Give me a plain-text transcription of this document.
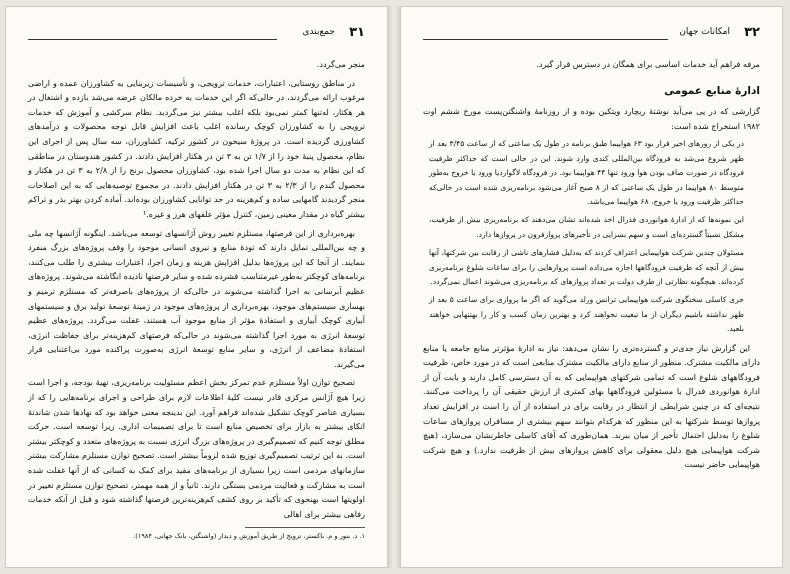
جمع‌بندی ۳۱

منجر می‌گردد.

در مناطق روستایی، اعتبارات، خدمات ترویجی، و تأسیسات زیربنایی به کشاورزان عمده و اراضی مرغوب ارائه می‌گردند، در حالی‌که اگر این خدمات به خرده مالکان عرضه می‌شد بازده و اشتغال در هر هکتار، لەتنها کمتر نمی‌بود بلکه اغلب بیشتر نیز می‌گردید. نظام سرکشی و آموزش که خدمات ترویجی را به کشاورزان کوچک رسانده اغلب باعث افزایش قابل توجه محصولات و درآمدهای کشاورزی گردیده است. در پروژهٔ سیحون در کشور ترکیه، کشاورزان، سه سال پس از اجرای این نظام، محصول پنبهٔ خود را از ۱/۷ تن به ۳ تن در هکتار افزایش دادند. در کشور هندوستان در مناطقی که این نظام به مدت دو سال اجرا شده بود، کشاورزان محصول برنج را از ۲/۸ به ۳ تن در هکتار و محصول گندم را از ۲/۳ به ۳ تن در هکتار افزایش دادند. در مجموع توصیه‌هایی که به این اصلاحات منجر گردیدند گامهایی ساده و کم‌هزینه در حد توانایی کشاورزان بوده‌اند. آماده کردن بهتر بذر و تراکم بیشتر گیاه در مقدار معینی زمین، کنترل مؤثر علفهای هرز و غیره.¹

بهره‌برداری از این فرصتها، مستلزم تغییر روش آژانسهای توسعه می‌باشد. اینگونه آژانسها چه ملی و چه بین‌المللی تمایل دارند که تودهٔ منابع و نیروی انسانی موجود را وقف پروژه‌های بزرگ منفرد بنمایند. از آنجا که این پروژه‌ها بدلیل افزایش هزینه و زمان اجرا، اعتبارات بیشتری را طلب می‌کنند، برنامه‌های کوچکتر به‌طور غیرمتناسب فشرده شده و سایر فرصتها نادیده انگاشته می‌شوند. پروژه‌های عظیم آبرسانی به اجرا گذاشته می‌شوند در حالی‌که از پروژه‌های باصرفه‌تر که مستلزم ترمیم و بهسازی سیستم‌های موجود، بهره‌برداری از پروژه‌های موجود در زمینهٔ توسعهٔ تولید برق و سیستمهای آبیاری کوچک آبیاری و استفادهٔ مؤثر از منابع موجود آب هستند، غفلت می‌گردد. پروژه‌های عظیم توسعهٔ انرژی به مورد اجرا گذاشته می‌شوند در حالی‌که فرصتهای کم‌هزینه‌تر برای حفاظت انرژی، استفادهٔ مضاعف از انرژی، و سایر منابع توسعهٔ انرژی به‌صورت پراکنده مورد بی‌اعتنایی قرار می‌گیرند.

تصحیح توازن اولاً مستلزم عدم تمرکز بخش اعظم مسئولیت برنامه‌ریزی، تهیهٔ بودجه، و اجرا است زیرا هیچ آژانس مرکزی قادر نیست کلیهٔ اطلاعات لازم برای طراحی و اجرای برنامه‌هایی را که از بسیاری عناصر کوچک تشکیل شده‌اند فراهم آورد. این بدینجه معنی خواهد بود که نهادها شدن شاندتهٔ اتکای بیشتر به بازار برای تخصیص منابع است تا برای تصمیمات اداری. زیرا توسعه است. حرکت مطلق توجه کنیم که تصمیم‌گیری در پروژه‌های بزرگ انرژی نسبت به پروژه‌های متعدد و کوچکتر بیشتر است. به این ترتیب تصمیم‌گیری توزیع شده لزوماً بیشتر است. تصحیح توازن مستلزم مشارکت بیشتر سازمانهای مردمی است زیرا بسیاری از برنامه‌های مفید برای کمک به کسانی که از آنها غفلت شده است به مشارکت و فعالیت مردمی بستگی دارند. ثانیاً و از همه مهمتر، تصحیح توازن مستلزم تغییر در اولویتها است بهنحوی که تأکید بر روی کشف کم‌هزینه‌ترین فرصتها گذاشته شود و قبل از آنکه خدمات رفاهی بیشتر برای اهالی

۱. د. بنور و م. باکستر، ترویج از طریق آموزش و دیدار (واشنگتن، بانک جهانی، ۱۹۸۴).

امکانات جهان ۳۲

مرفه فراهم آید خدمات اساسی برای همگان در دسترس قرار گیرد.

ادارهٔ منابع عمومی

گزارشی که در پی می‌آید نوشتهٔ ریچارد ویتکین بوده و از روزنامهٔ واشنگتن‌پست مورخ ششم اوت ۱۹۸۲ استخراج شده است:

در یکی از روزهای اخیر قرار بود ۶۳ هواپیما طبق برنامه در طول یک ساعتی که از ساعت ۳/۴۵ بعد از ظهر شروع می‌شد به فرودگاه بین‌المللی کندی وارد شوند. این در حالی است که حداکثر ظرفیت فرودگاه در صورت صاف بودن هوا ورود تنها ۴۴ هواپیما بود. در فرودگاه لاگواردیا ورود یا خروج به‌طور متوسط ۸۰ هواپیما در طول یک ساعتی که از ۸ صبح آغاز می‌شود برنامه‌ریزی شده است در حالی‌که حداکثر ظرفیت ورود یا خروج، ۶۸ هواپیما می‌باشد.

این نمونه‌ها که از ادارهٔ هوانوردی فدرال اخذ شده‌اند نشان می‌دهند که برنامه‌ریزی بیش از ظرفیت، مشکل نسبتاً گسترده‌ای است و سهم بسزایی در تأخیرهای پروازفرون در پروازها دارد.

مسئولان چندین شرکت هواپیمایی اعتراف کردند که به‌دلیل فشارهای ناشی از رقابت بین شرکتها، آنها بیش از آنچه که ظرفیت فرودگاهها اجازه می‌داده است پروازهایی را برای ساعات شلوغ برنامه‌ریزی کرده‌اند. هیچگونه نظارتی از طرف دولت بر تعداد پروازهای که برنامه‌ریزی می‌شوند اعمال نمی‌گردد.

جری کاسلی سخنگوی شرکت هواپیمایی ترانس ورلد می‌گوید که اگر ما پروازی برای ساعت ۵ بعد از ظهر نداشته باشیم دیگران از ما تبعیت نخواهند کرد و بهترین زمان کسب و کار را بهتنهایی خواهند بلعید.

این گزارش نیاز جدی‌تر و گسترده‌تری را نشان می‌دهد: نیاز به ادارهٔ مؤثرتر منابع جامعه یا منابع دارای مالکیت مشترک. منظور از منابع دارای مالکیت مشترک منابعی است که در مورد خاص، ظرفیت فرودگاههای شلوغ است که تمامی شرکتهای هواپیمایی که به آن دسترسی کامل دارند و بابت آن از ادارهٔ هوانوردی فدرال یا مسئولین فرودگاهها بهای کمتری از ارزش حقیقی آن را پرداخت می‌کنند. نتیجه‌ای که در چنین شرایطی از انتظار در رقابت برای در استفاده از آن را است در افزایش تعداد پروازها توسط شرکتها به این منظور که هرکدام بتوانند سهم بیشتری از مسافران پروازهای ساعات شلوغ را به‌دلیل احتمال تأخیر از میان ببرند. همان‌طوری که آقای کاسلی خاطرنشان می‌سازد، (هیچ شرکت هواپیمایی هیچ دلیل معقولی برای کاهش پروازهای بیش از ظرفیت ندارد.) و هیچ شرکت هواپیمایی حاضر نیست
